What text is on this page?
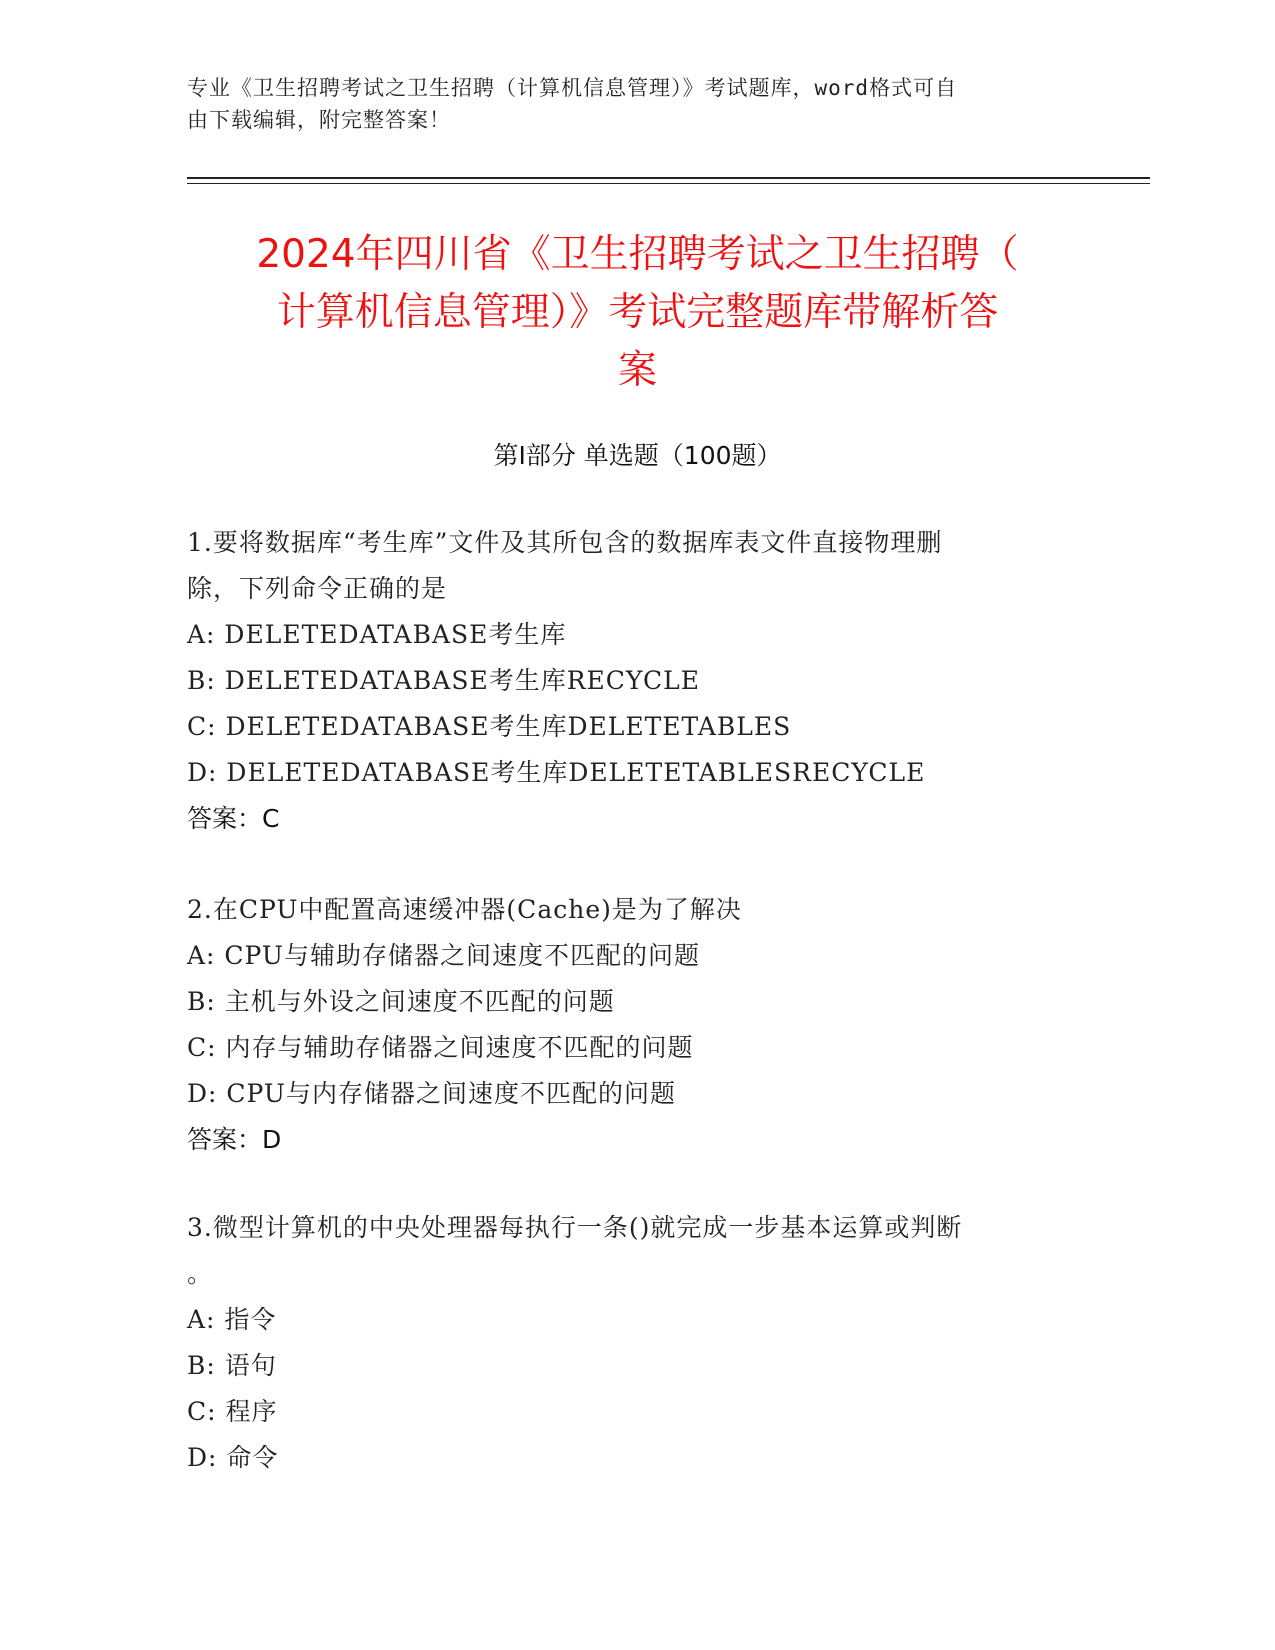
专业《卫生招聘考试之卫生招聘（计算机信息管理）》考试题库，word格式可自
由下载编辑，附完整答案！
2024年四川省《卫生招聘考试之卫生招聘（
计算机信息管理）》考试完整题库带解析答
案
第I部分 单选题（100题）
1.要将数据库“考生库”文件及其所包含的数据库表文件直接物理删
除，下列命令正确的是
A: DELETEDATABASE考生库
B: DELETEDATABASE考生库RECYCLE
C: DELETEDATABASE考生库DELETETABLES
D: DELETEDATABASE考生库DELETETABLESRECYCLE
答案：C
2.在CPU中配置高速缓冲器(Cache)是为了解决
A: CPU与辅助存储器之间速度不匹配的问题
B: 主机与外设之间速度不匹配的问题
C: 内存与辅助存储器之间速度不匹配的问题
D: CPU与内存储器之间速度不匹配的问题
答案：D
3.微型计算机的中央处理器每执行一条()就完成一步基本运算或判断
。
A: 指令
B: 语句
C: 程序
D: 命令
